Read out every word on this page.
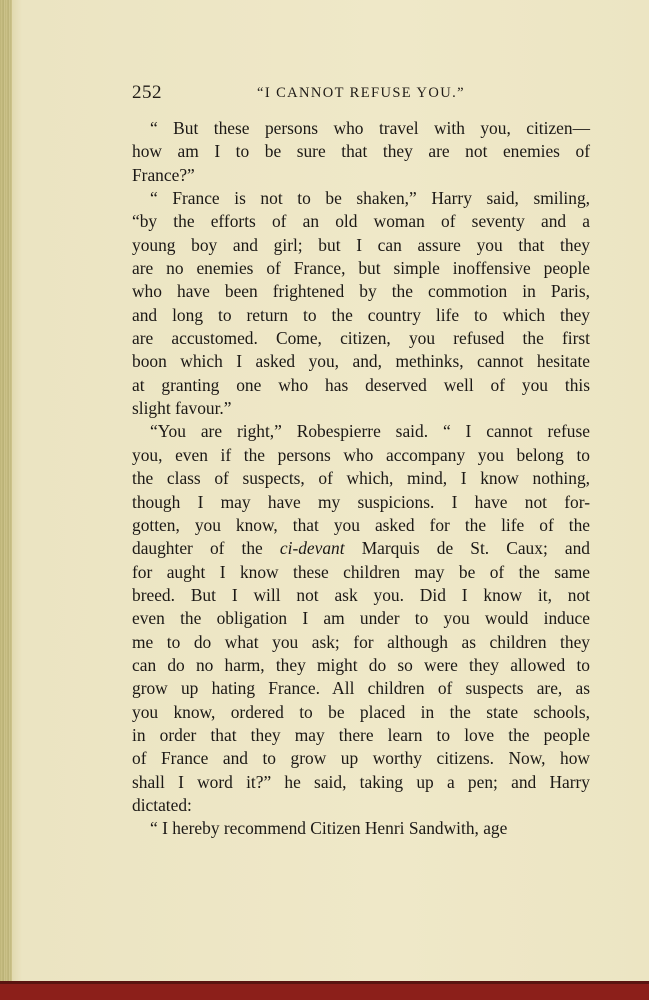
252	“I CANNOT REFUSE YOU.”
“ But these persons who travel with you, citizen—
how am I to be sure that they are not enemies of
France?”
“ France is not to be shaken,” Harry said, smiling,
“by the efforts of an old woman of seventy and a
young boy and girl; but I can assure you that they
are no enemies of France, but simple inoffensive people
who have been frightened by the commotion in Paris,
and long to return to the country life to which they
are accustomed. Come, citizen, you refused the first
boon which I asked you, and, methinks, cannot hesitate
at granting one who has deserved well of you this
slight favour.”
“You are right,” Robespierre said. “ I cannot refuse
you, even if the persons who accompany you belong to
the class of suspects, of which, mind, I know nothing,
though I may have my suspicions. I have not for-
gotten, you know, that you asked for the life of the
daughter of the ci-devant Marquis de St. Caux; and
for aught I know these children may be of the same
breed. But I will not ask you. Did I know it, not
even the obligation I am under to you would induce
me to do what you ask; for although as children they
can do no harm, they might do so were they allowed to
grow up hating France. All children of suspects are, as
you know, ordered to be placed in the state schools,
in order that they may there learn to love the people
of France and to grow up worthy citizens. Now, how
shall I word it?” he said, taking up a pen; and Harry
dictated:
“ I hereby recommend Citizen Henri Sandwith, age
